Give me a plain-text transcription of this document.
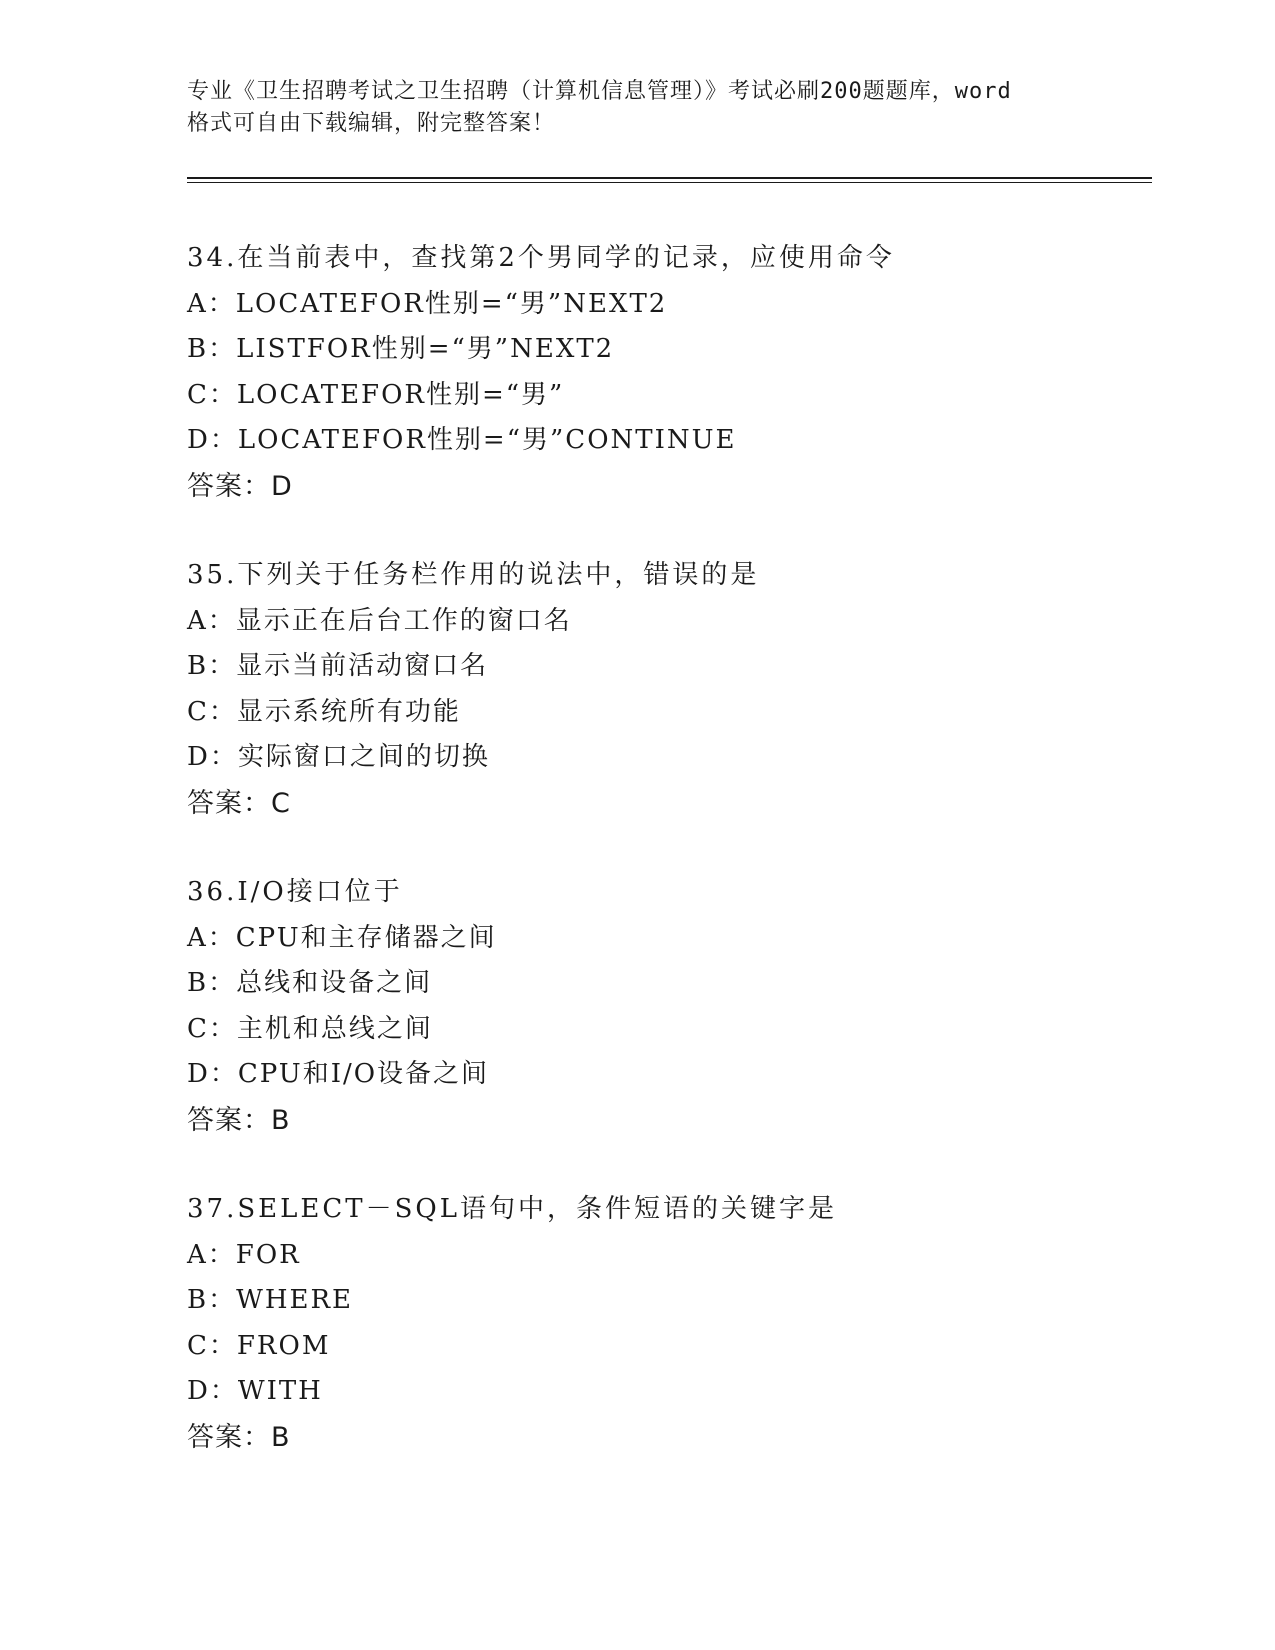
专业《卫生招聘考试之卫生招聘（计算机信息管理）》考试必刷200题题库，word
格式可自由下载编辑，附完整答案！
34.在当前表中，查找第2个男同学的记录，应使用命令
A：LOCATEFOR性别=“男”NEXT2
B：LISTFOR性别=“男”NEXT2
C：LOCATEFOR性别=“男”
D：LOCATEFOR性别=“男”CONTINUE
答案：D
35.下列关于任务栏作用的说法中，错误的是
A：显示正在后台工作的窗口名
B：显示当前活动窗口名
C：显示系统所有功能
D：实际窗口之间的切换
答案：C
36.I/O接口位于
A：CPU和主存储器之间
B：总线和设备之间
C：主机和总线之间
D：CPU和I/O设备之间
答案：B
37.SELECT－SQL语句中，条件短语的关键字是
A：FOR
B：WHERE
C：FROM
D：WITH
答案：B
